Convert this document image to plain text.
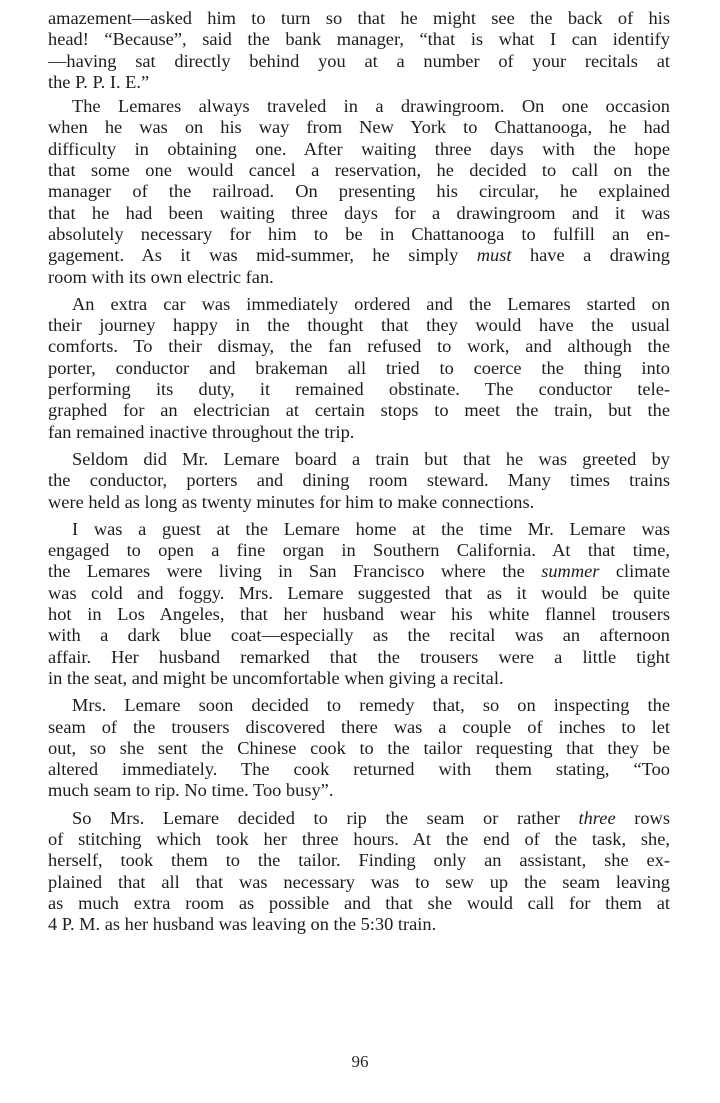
amazement—asked him to turn so that he might see the back of his
head! “Because”, said the bank manager, “that is what I can identify
—having sat directly behind you at a number of your recitals at
the P. P. I. E.”
The Lemares always traveled in a drawingroom. On one occasion
when he was on his way from New York to Chattanooga, he had
difficulty in obtaining one. After waiting three days with the hope
that some one would cancel a reservation, he decided to call on the
manager of the railroad. On presenting his circular, he explained
that he had been waiting three days for a drawingroom and it was
absolutely necessary for him to be in Chattanooga to fulfill an en-
gagement. As it was mid-summer, he simply must have a drawing
room with its own electric fan.
An extra car was immediately ordered and the Lemares started on
their journey happy in the thought that they would have the usual
comforts. To their dismay, the fan refused to work, and although the
porter, conductor and brakeman all tried to coerce the thing into
performing its duty, it remained obstinate. The conductor tele-
graphed for an electrician at certain stops to meet the train, but the
fan remained inactive throughout the trip.
Seldom did Mr. Lemare board a train but that he was greeted by
the conductor, porters and dining room steward. Many times trains
were held as long as twenty minutes for him to make connections.
I was a guest at the Lemare home at the time Mr. Lemare was
engaged to open a fine organ in Southern California. At that time,
the Lemares were living in San Francisco where the summer climate
was cold and foggy. Mrs. Lemare suggested that as it would be quite
hot in Los Angeles, that her husband wear his white flannel trousers
with a dark blue coat—especially as the recital was an afternoon
affair. Her husband remarked that the trousers were a little tight
in the seat, and might be uncomfortable when giving a recital.
Mrs. Lemare soon decided to remedy that, so on inspecting the
seam of the trousers discovered there was a couple of inches to let
out, so she sent the Chinese cook to the tailor requesting that they be
altered immediately. The cook returned with them stating, “Too
much seam to rip. No time. Too busy”.
So Mrs. Lemare decided to rip the seam or rather three rows
of stitching which took her three hours. At the end of the task, she,
herself, took them to the tailor. Finding only an assistant, she ex-
plained that all that was necessary was to sew up the seam leaving
as much extra room as possible and that she would call for them at
4 P. M. as her husband was leaving on the 5:30 train.
96
